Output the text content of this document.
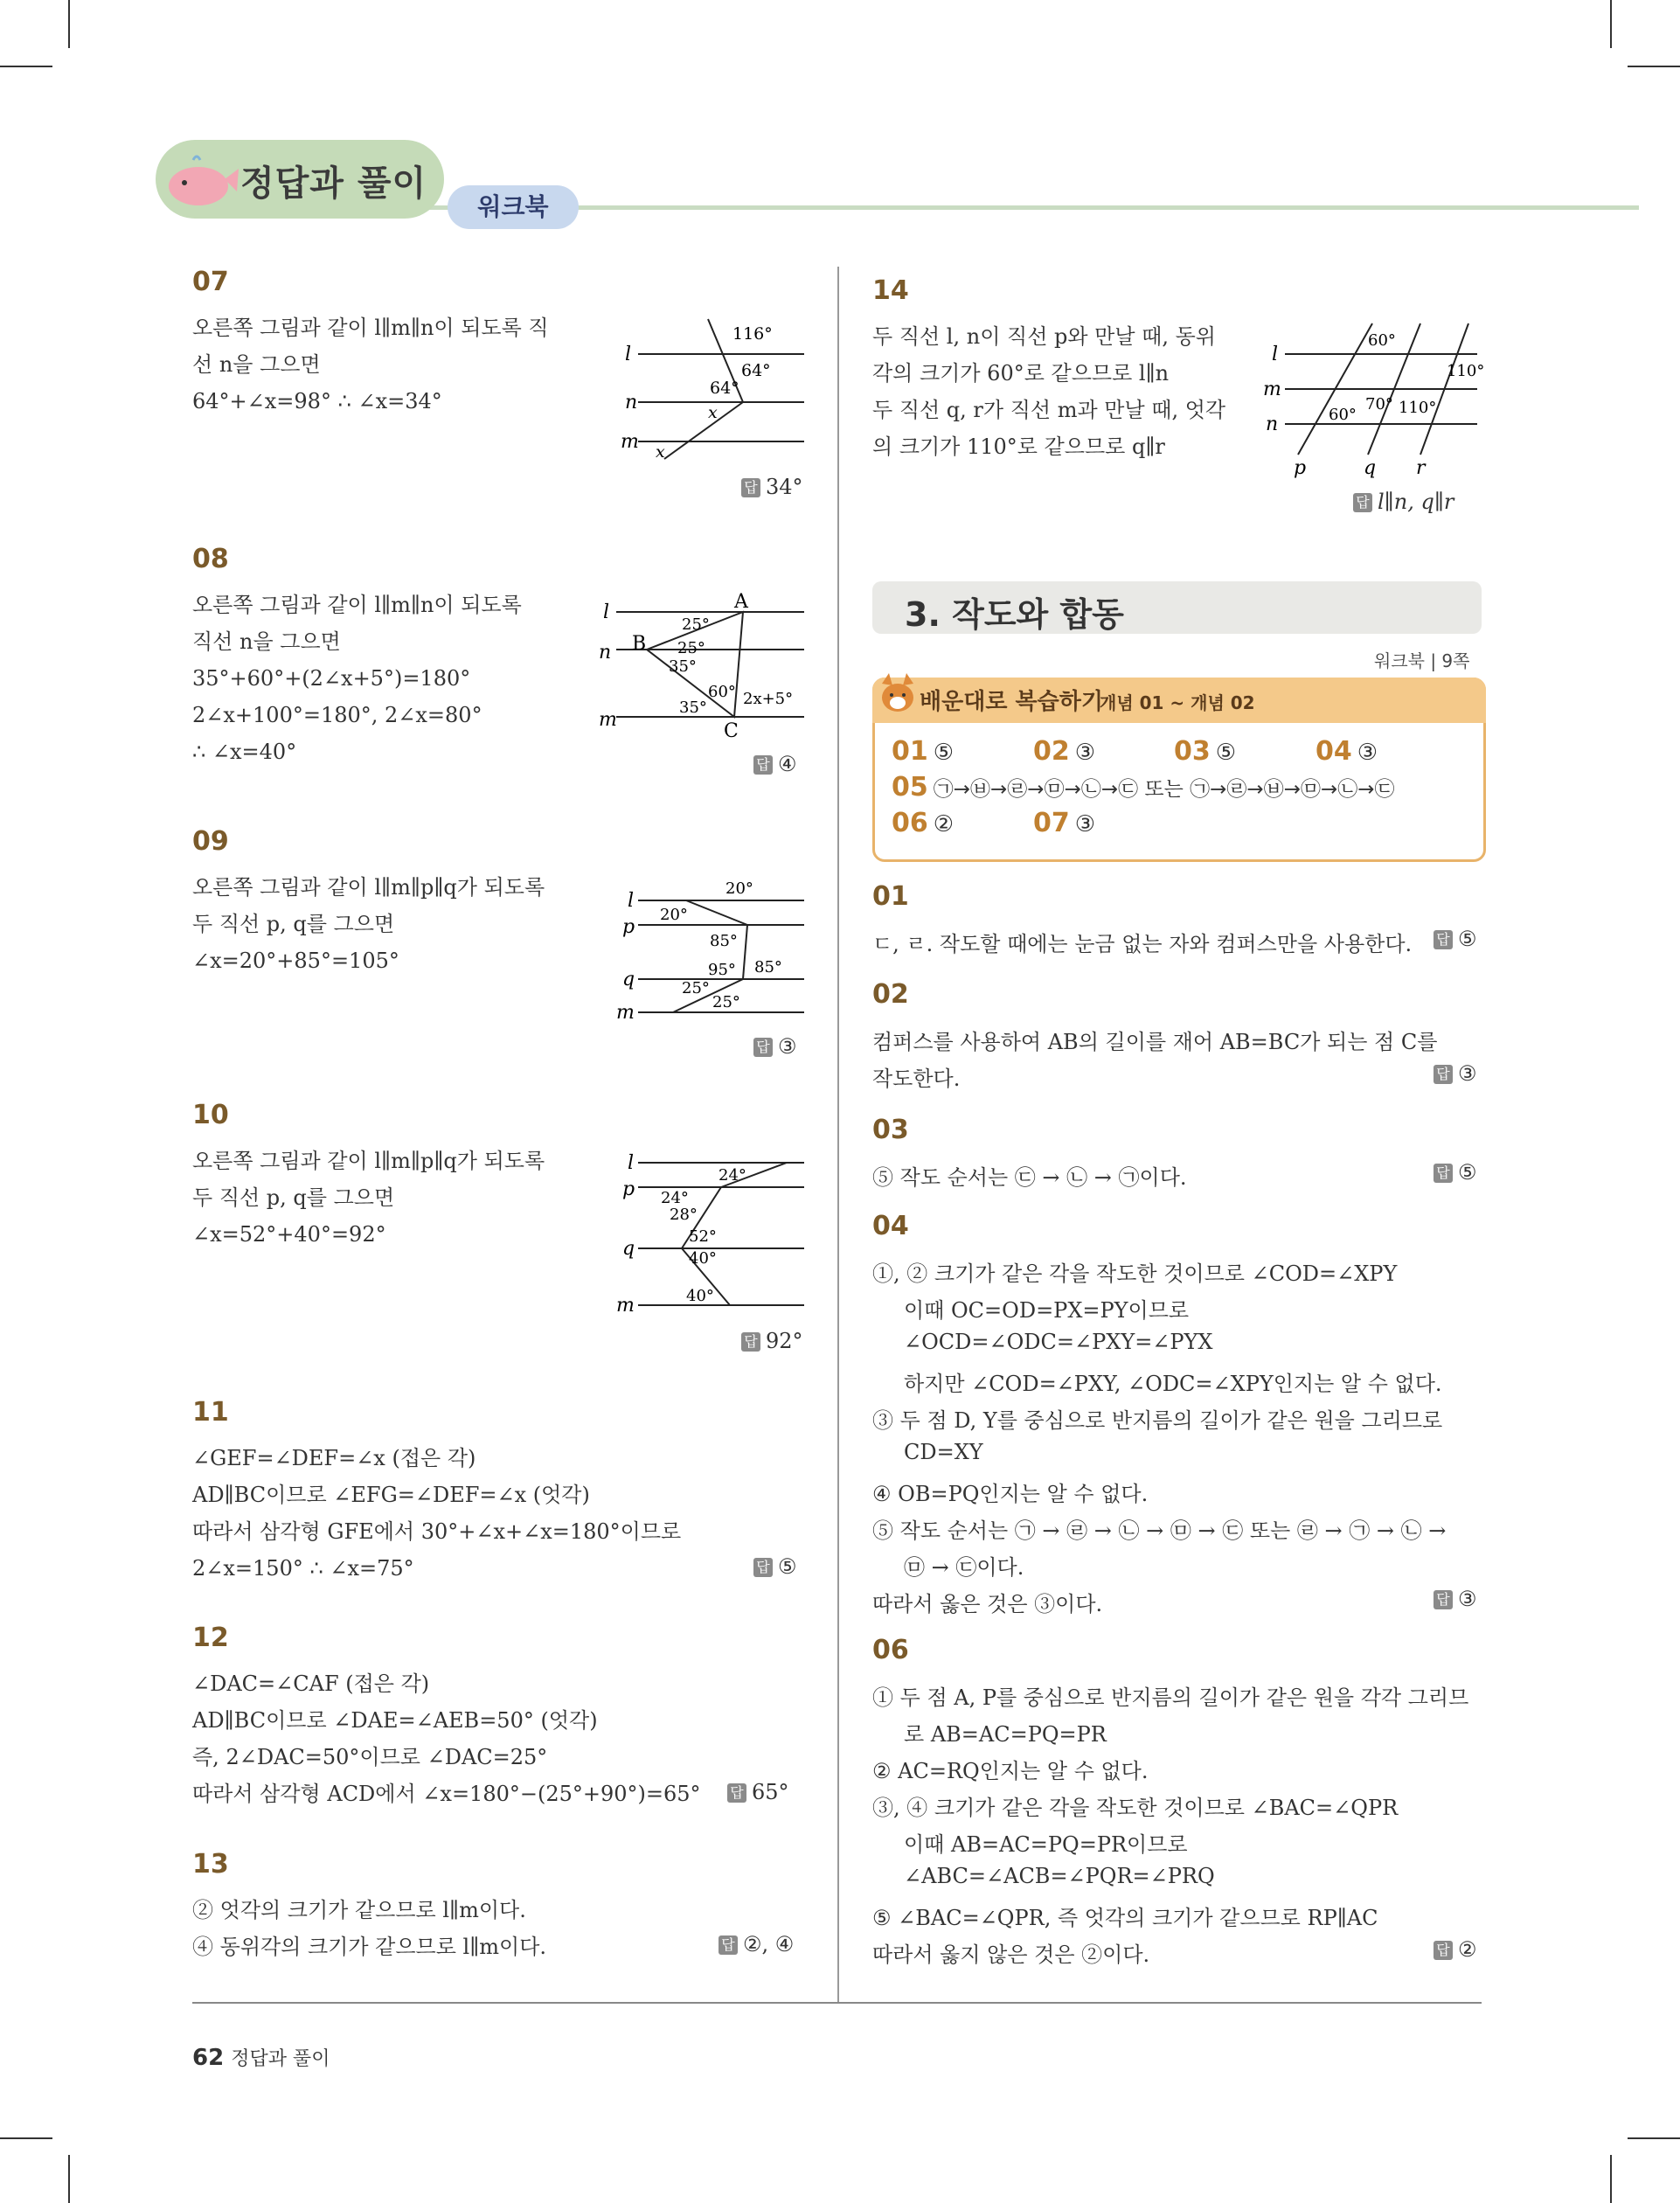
정답과 풀이
워크북
07
오른쪽 그림과 같이 l∥m∥n이 되도록 직
선 n을 그으면
64°+∠x=98° ∴ ∠x=34°
l
n
m
116°
64°
64°
x
x
답 34°
08
오른쪽 그림과 같이 l∥m∥n이 되도록
직선 n을 그으면
35°+60°+(2∠x+5°)=180°
2∠x+100°=180°, 2∠x=80°
∴ ∠x=40°
l
n
m
A
B
C
25°
25°
35°
60°
35° 2x+5°
답 ④
09
오른쪽 그림과 같이 l∥m∥p∥q가 되도록
두 직선 p, q를 그으면
∠x=20°+85°=105°
l
p
q
m
20°
20°
85°
95° 85°
25°
25°
답 ③
10
오른쪽 그림과 같이 l∥m∥p∥q가 되도록
두 직선 p, q를 그으면
∠x=52°+40°=92°
l
p
q
m
24°
24°
28°
52°
40°
40°
답 92°
11
∠GEF=∠DEF=∠x (접은 각)
AD∥BC이므로 ∠EFG=∠DEF=∠x (엇각)
따라서 삼각형 GFE에서 30°+∠x+∠x=180°이므로
2∠x=150° ∴ ∠x=75°	답 ⑤
12
∠DAC=∠CAF (접은 각)
AD∥BC이므로 ∠DAE=∠AEB=50° (엇각)
즉, 2∠DAC=50°이므로 ∠DAC=25°
따라서 삼각형 ACD에서 ∠x=180°−(25°+90°)=65° 답 65°
13
② 엇각의 크기가 같으므로 l∥m이다.
④ 동위각의 크기가 같으므로 l∥m이다.	답 ②, ④
14
두 직선 l, n이 직선 p와 만날 때, 동위
각의 크기가 60°로 같으므로 l∥n
두 직선 q, r가 직선 m과 만날 때, 엇각
의 크기가 110°로 같으므로 q∥r
l
m
n
p	q r
60°
110°
70° 110°
60°
답 l∥n, q∥r
3. 작도와 합동
워크북 | 9쪽
배운대로 복습하기
개념 01 ~ 개념 02
01 ⑤	02 ③	03 ⑤	04 ③
05 ㉠→㉥→㉣→㉤→㉡→㉢ 또는 ㉠→㉣→㉥→㉤→㉡→㉢
06 ②	07 ③
01
ㄷ, ㄹ. 작도할 때에는 눈금 없는 자와 컴퍼스만을 사용한다. 답 ⑤
02
컴퍼스를 사용하여 AB의 길이를 재어 AB=BC가 되는 점 C를
작도한다.	답 ③
03
⑤ 작도 순서는 ㉢ → ㉡ → ㉠이다.	답 ⑤
04
①, ② 크기가 같은 각을 작도한 것이므로 ∠COD=∠XPY
이때 OC=OD=PX=PY이므로
∠OCD=∠ODC=∠PXY=∠PYX
하지만 ∠COD=∠PXY, ∠ODC=∠XPY인지는 알 수 없다.
③ 두 점 D, Y를 중심으로 반지름의 길이가 같은 원을 그리므로
CD=XY
④ OB=PQ인지는 알 수 없다.
⑤ 작도 순서는 ㉠ → ㉣ → ㉡ → ㉤ → ㉢ 또는 ㉣ → ㉠ → ㉡ →
㉤ → ㉢이다.
따라서 옳은 것은 ③이다.	답 ③
06
① 두 점 A, P를 중심으로 반지름의 길이가 같은 원을 각각 그리므
로 AB=AC=PQ=PR
② AC=RQ인지는 알 수 없다.
③, ④ 크기가 같은 각을 작도한 것이므로 ∠BAC=∠QPR
이때 AB=AC=PQ=PR이므로
∠ABC=∠ACB=∠PQR=∠PRQ
⑤ ∠BAC=∠QPR, 즉 엇각의 크기가 같으므로 RP∥AC
따라서 옳지 않은 것은 ②이다.	답 ②
62 정답과 풀이
